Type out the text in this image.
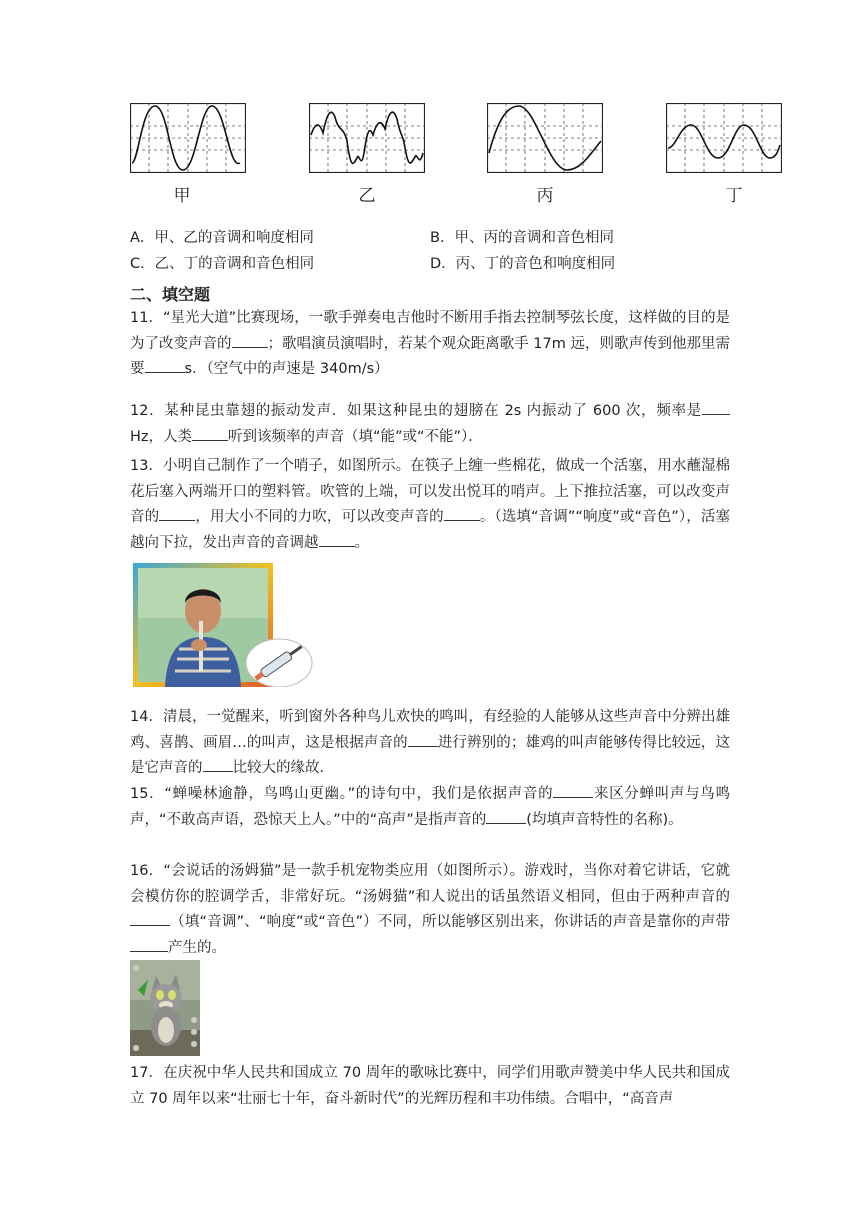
甲	乙	丙	丁
A．甲、乙的音调和响度相同	B．甲、丙的音调和音色相同
C．乙、丁的音调和音色相同	D．丙、丁的音色和响度相同
二、填空题
11．“星光大道”比赛现场，一歌手弹奏电吉他时不断用手指去控制琴弦长度，这样做的目的是为了改变声音的 ；歌唱演员演唱时，若某个观众距离歌手 17m 远，则歌声传到他那里需要	s．（空气中的声速是 340m/s）
12．某种昆虫靠翅的振动发声．如果这种昆虫的翅膀在 2s 内振动了 600 次，频率是Hz，人类 听到该频率的声音（填“能”或“不能”）．
13．小明自己制作了一个哨子，如图所示。在筷子上缠一些棉花，做成一个活塞，用水蘸湿棉花后塞入两端开口的塑料管。吹管的上端，可以发出悦耳的哨声。上下推拉活塞，可以改变声音的 ，用大小不同的力吹，可以改变声音的 。（选填“音调”“响度”或“音色”），活塞越向下拉，发出声音的音调越 。
14．清晨，一觉醒来，听到窗外各种鸟儿欢快的鸣叫，有经验的人能够从这些声音中分辨出雄鸡、喜鹊、画眉…的叫声，这是根据声音的 进行辨别的；雄鸡的叫声能够传得比较远，这是它声音的 比较大的缘故．
15．“蝉噪林逾静，鸟鸣山更幽。”的诗句中，我们是依据声音的	来区分蝉叫声与鸟鸣声，“不敢高声语，恐惊天上人。”中的“高声”是指声音的	(均填声音特性的名称)。
16．“会说话的汤姆猫”是一款手机宠物类应用（如图所示）。游戏时，当你对着它讲话，它就会模仿你的腔调学舌，非常好玩。“汤姆猫”和人说出的话虽然语义相同，但由于两种声音的（填“音调”、“响度”或“音色”）不同，所以能够区别出来，你讲话的声音是靠你的声带产生的。
17．在庆祝中华人民共和国成立 70 周年的歌咏比赛中，同学们用歌声赞美中华人民共和国成立 70 周年以来“壮丽七十年，奋斗新时代”的光辉历程和丰功伟绩。合唱中，“高音声
